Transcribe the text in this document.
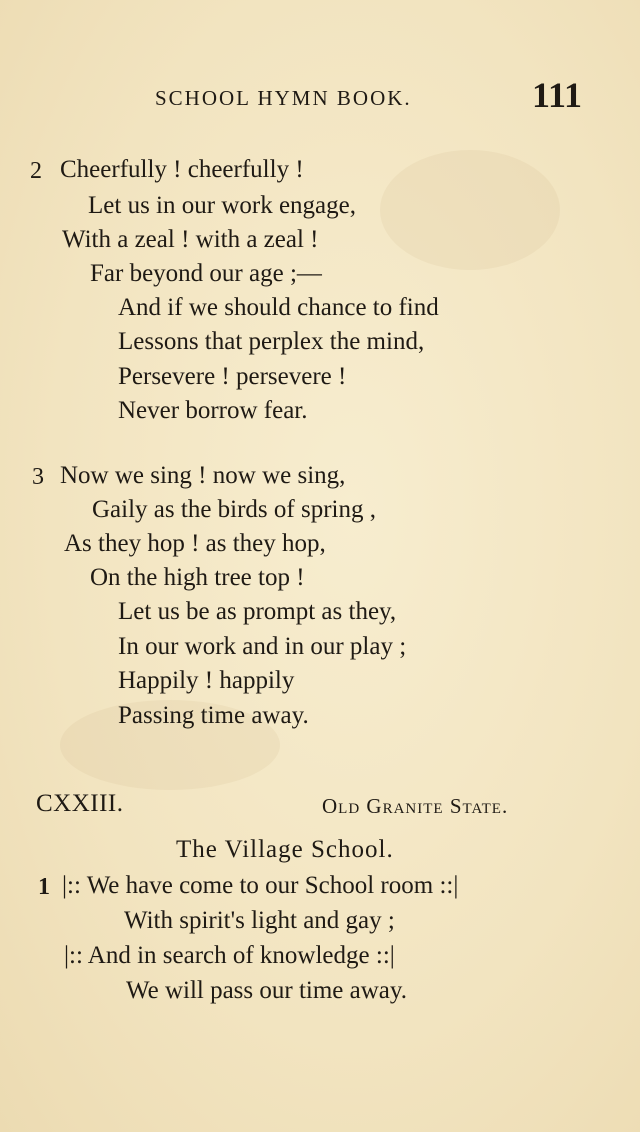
SCHOOL HYMN BOOK.	111
2 Cheerfully ! cheerfully !
Let us in our work engage,
With a zeal ! with a zeal !
Far beyond our age ;—
And if we should chance to find
Lessons that perplex the mind,
Persevere ! persevere !
Never borrow fear.
3 Now we sing ! now we sing,
Gaily as the birds of spring ,
As they hop ! as they hop,
On the high tree top !
Let us be as prompt as they,
In our work and in our play ;
Happily ! happily
Passing time away.
CXXIII.	Old Granite State.
The Village School.
1 |:: We have come to our School room ::|
With spirit's light and gay ;
|:: And in search of knowledge ::|
We will pass our time away.
